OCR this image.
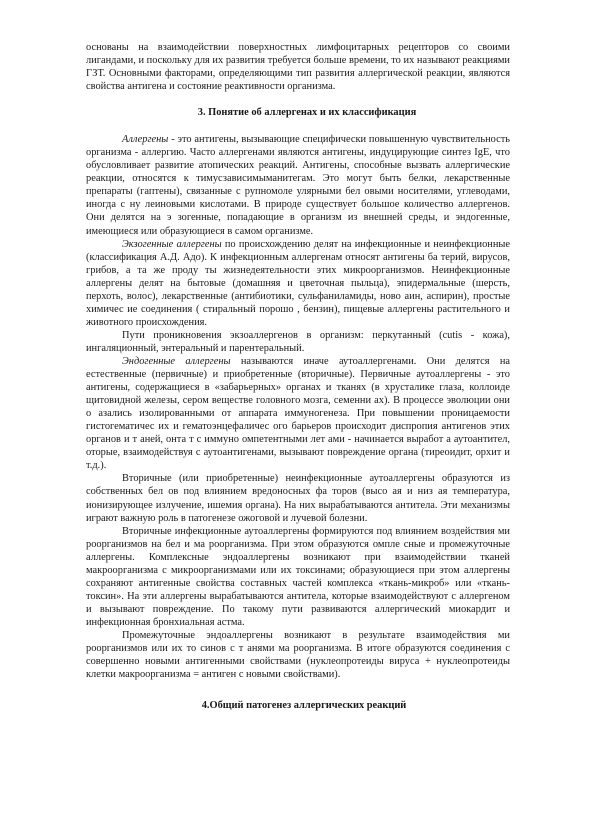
основаны на взаимодействии поверхностных лимфоцитарных рецепторов со своими лигандами, и поскольку для их развития требуется больше времени, то их называют реакциями ГЗТ. Основными факторами, определяющими тип развития аллергической реакции, являются свойства антигена и состояние реактивности организма.

3. Понятие об аллергенах и их классификация

Аллергены - это антигены, вызывающие специфически повышенную чувствительность организма - аллергию. Часто аллергенами являются антигены, индуцирующие синтез IgE, что обусловливает развитие атопических реакций. Антигены, способные вызвать аллергические реакции, относятся к тимусзависимыманитегам. Это могут быть белки, лекарственные препараты (гаптены), связанные с рупномоле улярными бел овыми носителями, углеводами, иногда с ну леиновыми кислотами. В природе существует большое количество аллергенов. Они делятся на э зогенные, попадающие в организм из внешней среды, и эндогенные, имеющиеся или образующиеся в самом организме.

Экзогенные аллергены по происхождению делят на инфекционные и неинфекционные (классификация А.Д. Адо). К инфекционным аллергенам относят антигены ба терий, вирусов, грибов, а та же проду ты жизнедеятельности этих микроорганизмов. Неинфекционные аллергены делят на бытовые (домашняя и цветочная пыльца), эпидермальные (шерсть, перхоть, волос), лекарственные (антибиотики, сульфаниламиды, ново аин, аспирин), простые химичес ие соединения ( стиральный порошо , бензин), пищевые аллергены растительного и животного происхождения.

Пути проникновения экзоаллергенов в организм: перкутанный (cutis - кожа), ингаляционный, энтеральный и парентеральный.

Эндогенные аллергены называются иначе аутоаллергенами. Они делятся на естественные (первичные) и приобретенные (вторичные). Первичные аутоаллергены - это антигены, содержащиеся в «забарьерных» органах и тканях (в хрусталике глаза, коллоиде щитовидной железы, сером веществе головного мозга, семенни ах). В процессе эволюции они о азались изолированными от аппарата иммуногенеза. При повышении проницаемости гистогематичес их и гематоэнцефаличес ого барьеров происходит диспропия антигенов этих органов и т аней, онта т с иммуно омпетентными лет ами - начинается выработ а аутоантител, оторые, взаимодействуя с аутоантигенами, вызывают повреждение органа (тиреоидит, орхит и т.д.).

Вторичные (или приобретенные) неинфекционные аутоаллергены образуются из собственных бел ов под влиянием вредоносных фа торов (высо ая и низ ая температура, ионизирующее излучение, ишемия органа). На них вырабатываются антитела. Эти механизмы играют важную роль в патогенезе ожоговой и лучевой болезни.

Вторичные инфекционные аутоаллергены формируются под влиянием воздействия ми роорганизмов на бел и ма роорганизма. При этом образуются омпле сные и промежуточные аллергены. Комплексные эндоаллергены возникают при взаимодействии тканей макроорганизма с микроорганизмами или их токсинами; образующиеся при этом аллергены сохраняют антигенные свойства составных частей комплекса «ткань-микроб» или «ткань-токсин». На эти аллергены вырабатываются антитела, которые взаимодействуют с аллергеном и вызывают повреждение. По такому пути развиваются аллергический миокардит и инфекционная бронхиальная астма.

Промежуточные эндоаллергены возникают в результате взаимодействия ми роорганизмов или их то синов с т анями ма роорганизма. В итоге образуются соединения с совершенно новыми антигенными свойствами (нуклеопротеиды вируса + нуклеопротеиды клетки макроорганизма = антиген с новыми свойствами).

4.Общий патогенез аллергических реакций
